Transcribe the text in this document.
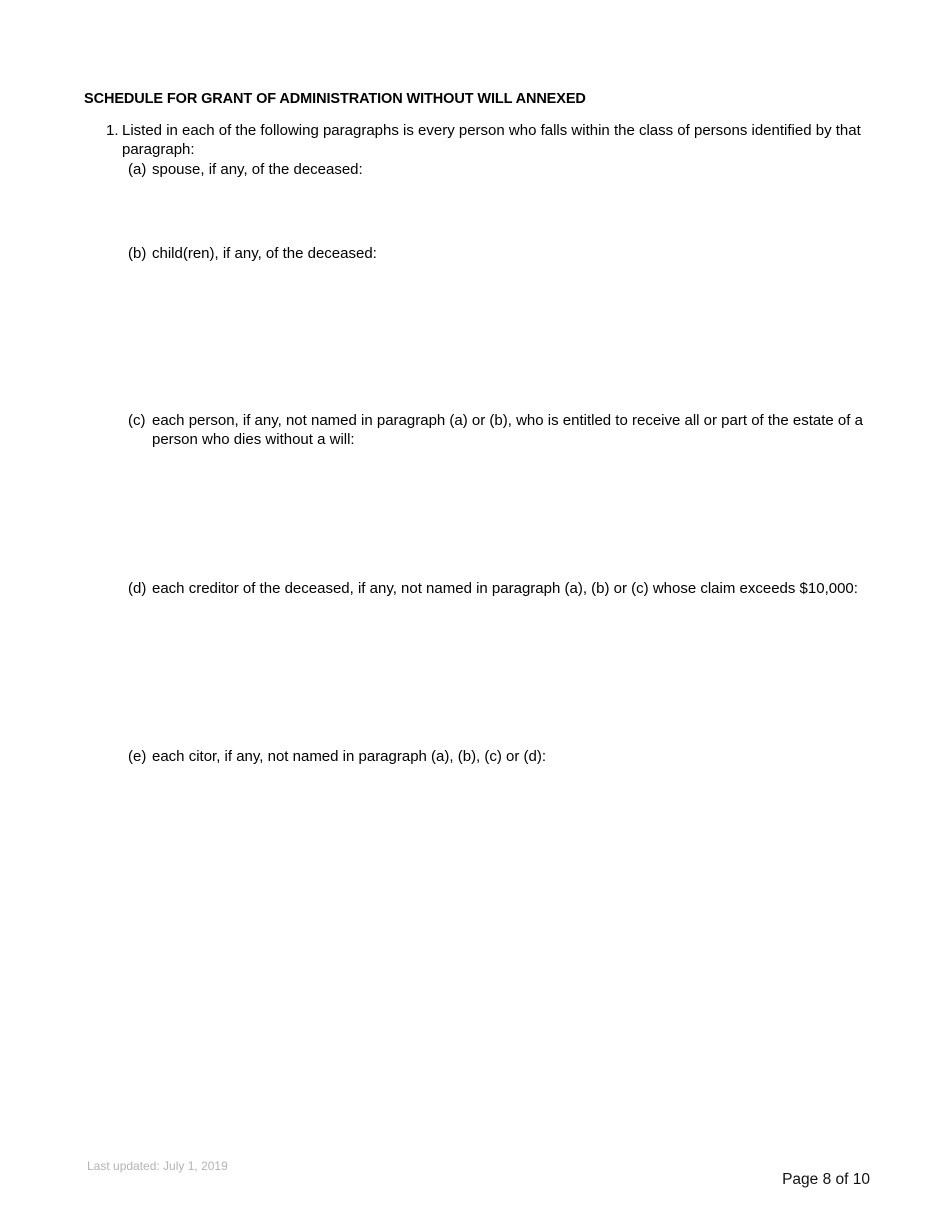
SCHEDULE FOR GRANT OF ADMINISTRATION WITHOUT WILL ANNEXED
1. Listed in each of the following paragraphs is every person who falls within the class of persons identified by that paragraph:
(a) spouse, if any, of the deceased:
(b) child(ren), if any, of the deceased:
(c) each person, if any, not named in paragraph (a) or (b), who is entitled to receive all or part of the estate of a person who dies without a will:
(d) each creditor of the deceased, if any, not named in paragraph (a), (b) or (c) whose claim exceeds $10,000:
(e) each citor, if any, not named in paragraph (a), (b), (c) or (d):
Last updated: July 1, 2019
Page 8 of 10
